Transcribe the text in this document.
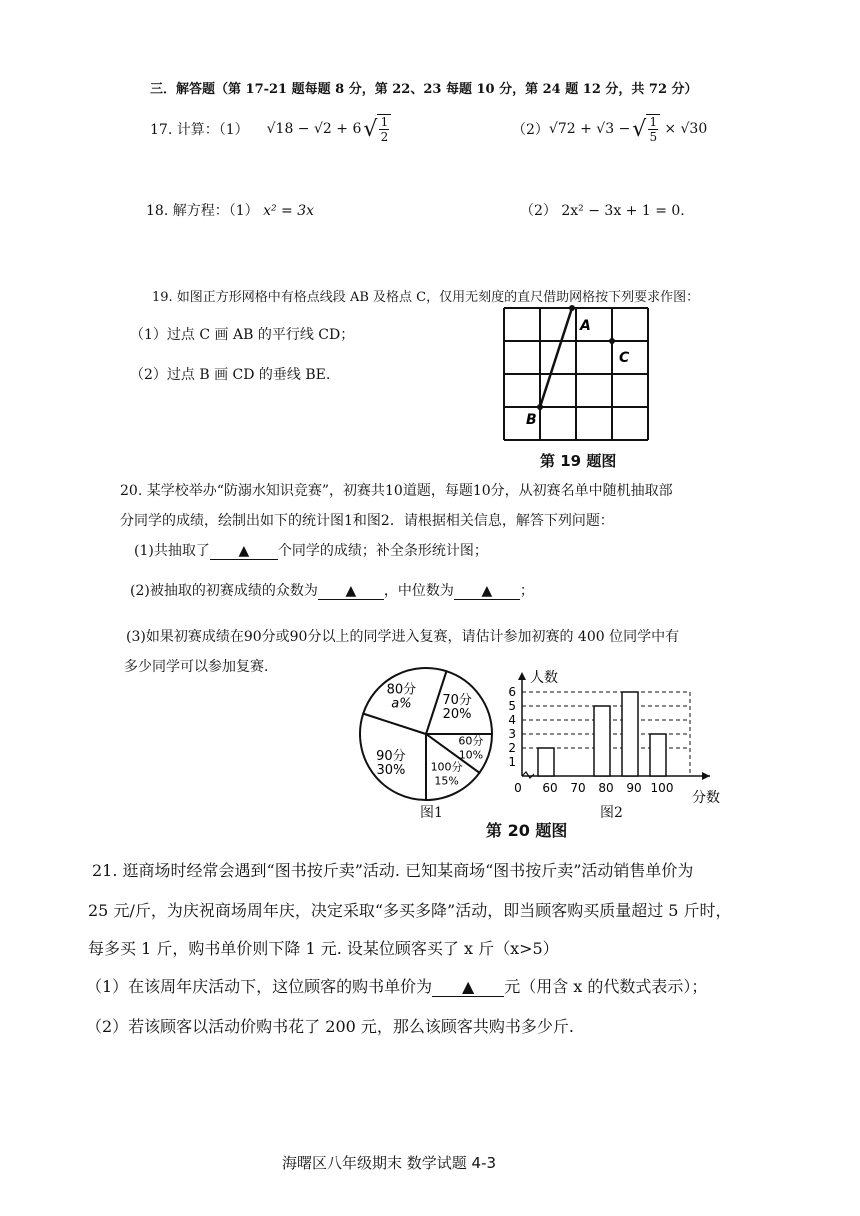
三．解答题（第 17-21 题每题 8 分，第 22、23 每题 10 分，第 24 题 12 分，共 72 分）
17. 计算：（1） √18 − √2 + 6 √ $\frac{1}{2}$	（2） √72 + √3 − √ $\frac{1}{5} \times √30$
18. 解方程：（1） x² = 3x	（2） 2x² − 3x + 1 = 0.
19. 如图正方形网格中有格点线段 AB 及格点 C，仅用无刻度的直尺借助网格按下列要求作图：
（1）过点 C 画 AB 的平行线 CD；
（2）过点 B 画 CD 的垂线 BE.
A
B
C
第 19 题图
20. 某学校举办“防溺水知识竞赛”，初赛共10道题，每题10分，从初赛名单中随机抽取部
分同学的成绩，绘制出如下的统计图1和图2．请根据相关信息，解答下列问题：
(1)共抽取了 ▲ 个同学的成绩；补全条形统计图；
(2)被抽取的初赛成绩的众数为 ▲ ，中位数为 ▲ ；
(3)如果初赛成绩在90分或90分以上的同学进入复赛，请估计参加初赛的 400 位同学中有
多少同学可以参加复赛．
70分
20%
60分
10%
100分
15%
90分
30%
80分
a%
1
2
3
4
5
6
人数
0 60 70 80 90 100
分数
图1	图2
第 20 题图
21. 逛商场时经常会遇到“图书按斤卖”活动. 已知某商场“图书按斤卖”活动销售单价为
25 元/斤，为庆祝商场周年庆，决定采取“多买多降”活动，即当顾客购买质量超过 5 斤时，
每多买 1 斤，购书单价则下降 1 元. 设某位顾客买了 x 斤（x>5）
（1）在该周年庆活动下，这位顾客的购书单价为 ▲ 元（用含 x 的代数式表示）；
（2）若该顾客以活动价购书花了 200 元，那么该顾客共购书多少斤.
海曙区八年级期末 数学试题 4-3
